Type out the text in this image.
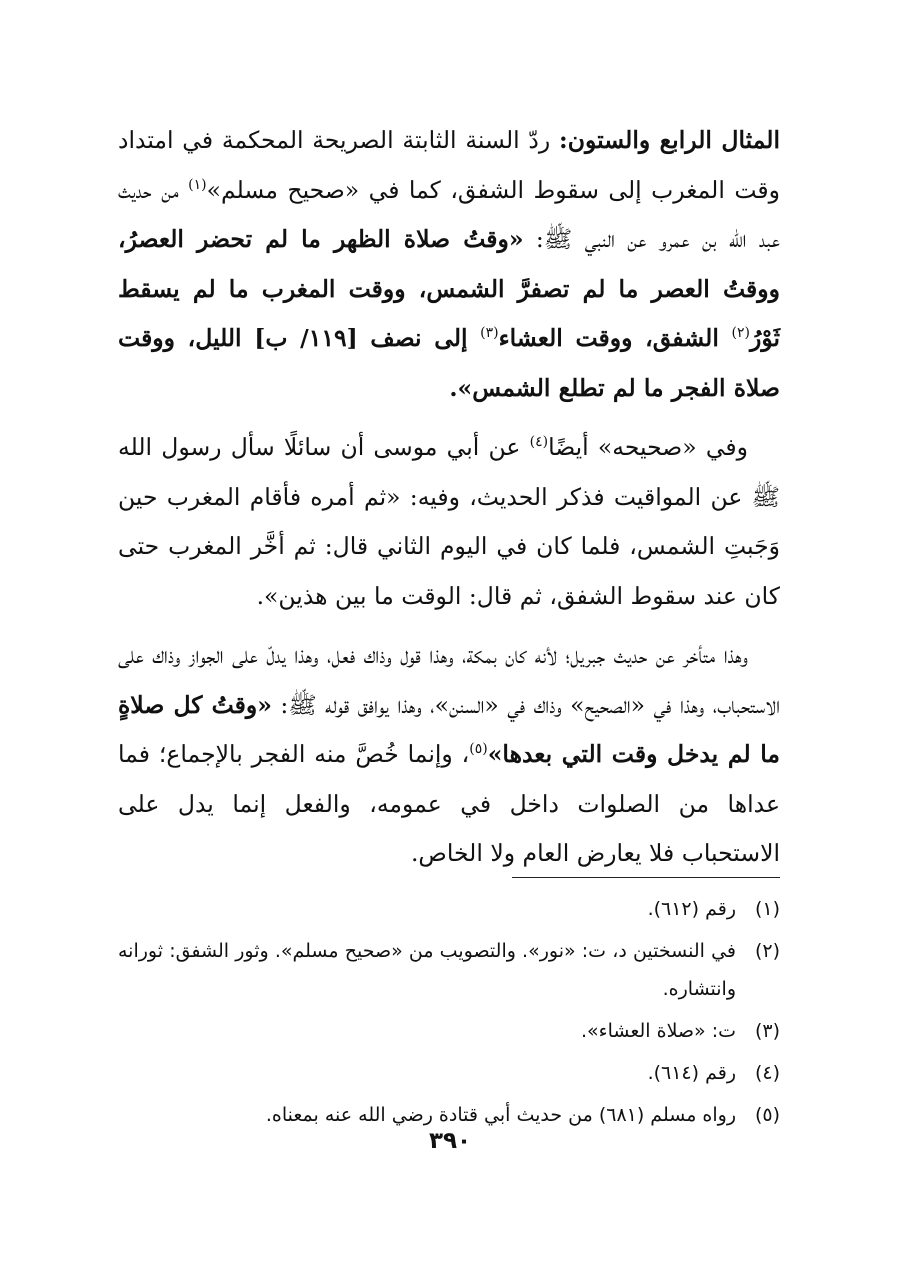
المثال الرابع والستون: ردّ السنة الثابتة الصريحة المحكمة في امتداد وقت المغرب إلى سقوط الشفق، كما في «صحيح مسلم»$^{(١)}$ من حديث عبد الله بن عمرو عن النبي ﷺ: «وقتُ صلاة الظهر ما لم تحضر العصرُ، ووقتُ العصر ما لم تصفرَّ الشمس، ووقت المغرب ما لم يسقط ثَوْرُ$^{(٢)}$ الشفق، ووقت العشاء$^{(٣)}$ إلى نصف [١١٩/ ب] الليل، ووقت صلاة الفجر ما لم تطلع الشمس».

وفي «صحيحه» أيضًا$^{(٤)}$ عن أبي موسى أن سائلًا سأل رسول الله ﷺ عن المواقيت فذكر الحديث، وفيه: «ثم أمره فأقام المغرب حين وَجَبتِ الشمس، فلما كان في اليوم الثاني قال: ثم أخَّر المغرب حتى كان عند سقوط الشفق، ثم قال: الوقت ما بين هذين».

وهذا متأخر عن حديث جبريل؛ لأنه كان بمكة، وهذا قول وذاك فعل، وهذا يدلّ على الجواز وذاك على الاستحباب، وهذا في «الصحيح» وذاك في «السنن»، وهذا يوافق قوله ﷺ: «وقتُ كل صلاةٍ ما لم يدخل وقت التي بعدها»$^{(٥)}$، وإنما خُصَّ منه الفجر بالإجماع؛ فما عداها من الصلوات داخل في عمومه، والفعل إنما يدل على الاستحباب فلا يعارض العام ولا الخاص.

(١)
رقم (٦١٢).
(٢)
في النسختين د، ت: «نور». والتصويب من «صحيح مسلم». وثور الشفق: ثورانه وانتشاره.
(٣)
ت: «صلاة العشاء».
(٤)
رقم (٦١٤).
(٥)
رواه مسلم (٦٨١) من حديث أبي قتادة رضي الله عنه بمعناه.
٣٩٠
